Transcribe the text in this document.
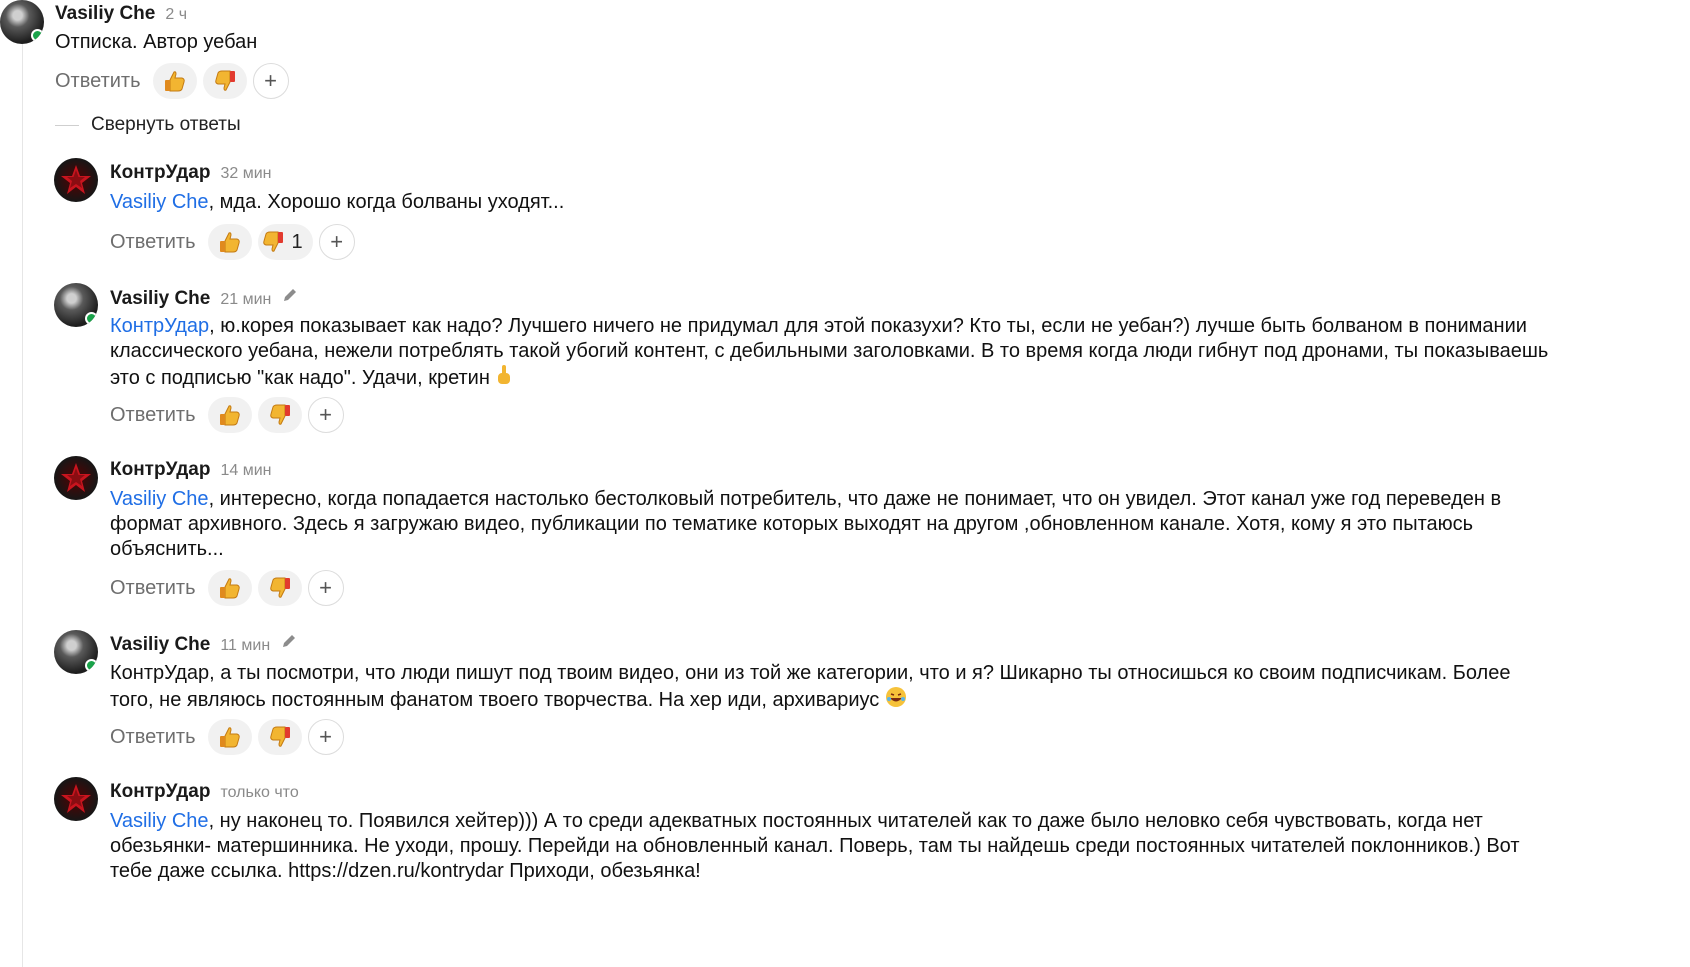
Vasiliy Che 2 ч
Отписка. Автор уебан
Ответить	+
Свернуть ответы
КонтрУдар 32 мин
Vasiliy Che, мда. Хорошо когда болваны уходят...
Ответить	1	+
Vasiliy Che 21 мин
КонтрУдар, ю.корея показывает как надо? Лучшего ничего не придумал для этой показухи? Кто ты, если не уебан?) лучше быть болваном в понимании классического уебана, нежели потреблять такой убогий контент, с дебильными заголовками. В то время когда люди гибнут под дронами, ты показываешь это с подписью "как надо". Удачи, кретин
Ответить	+
КонтрУдар 14 мин
Vasiliy Che, интересно, когда попадается настолько бестолковый потребитель, что даже не понимает, что он увидел. Этот канал уже год переведен в формат архивного. Здесь я загружаю видео, публикации по тематике которых выходят на другом ,обновленном канале. Хотя, кому я это пытаюсь объяснить...
Ответить	+
Vasiliy Che 11 мин
КонтрУдар, а ты посмотри, что люди пишут под твоим видео, они из той же категории, что и я? Шикарно ты относишься ко своим подписчикам. Более того, не являюсь постоянным фанатом твоего творчества. На хер иди, архивариус
Ответить	+
КонтрУдар только что
Vasiliy Che, ну наконец то. Появился хейтер))) А то среди адекватных постоянных читателей как то даже было неловко себя чувствовать, когда нет обезьянки- матершинника. Не уходи, прошу. Перейди на обновленный канал. Поверь, там ты найдешь среди постоянных читателей поклонников.) Вот тебе даже ссылка. https://dzen.ru/kontrydar Приходи, обезьянка!
